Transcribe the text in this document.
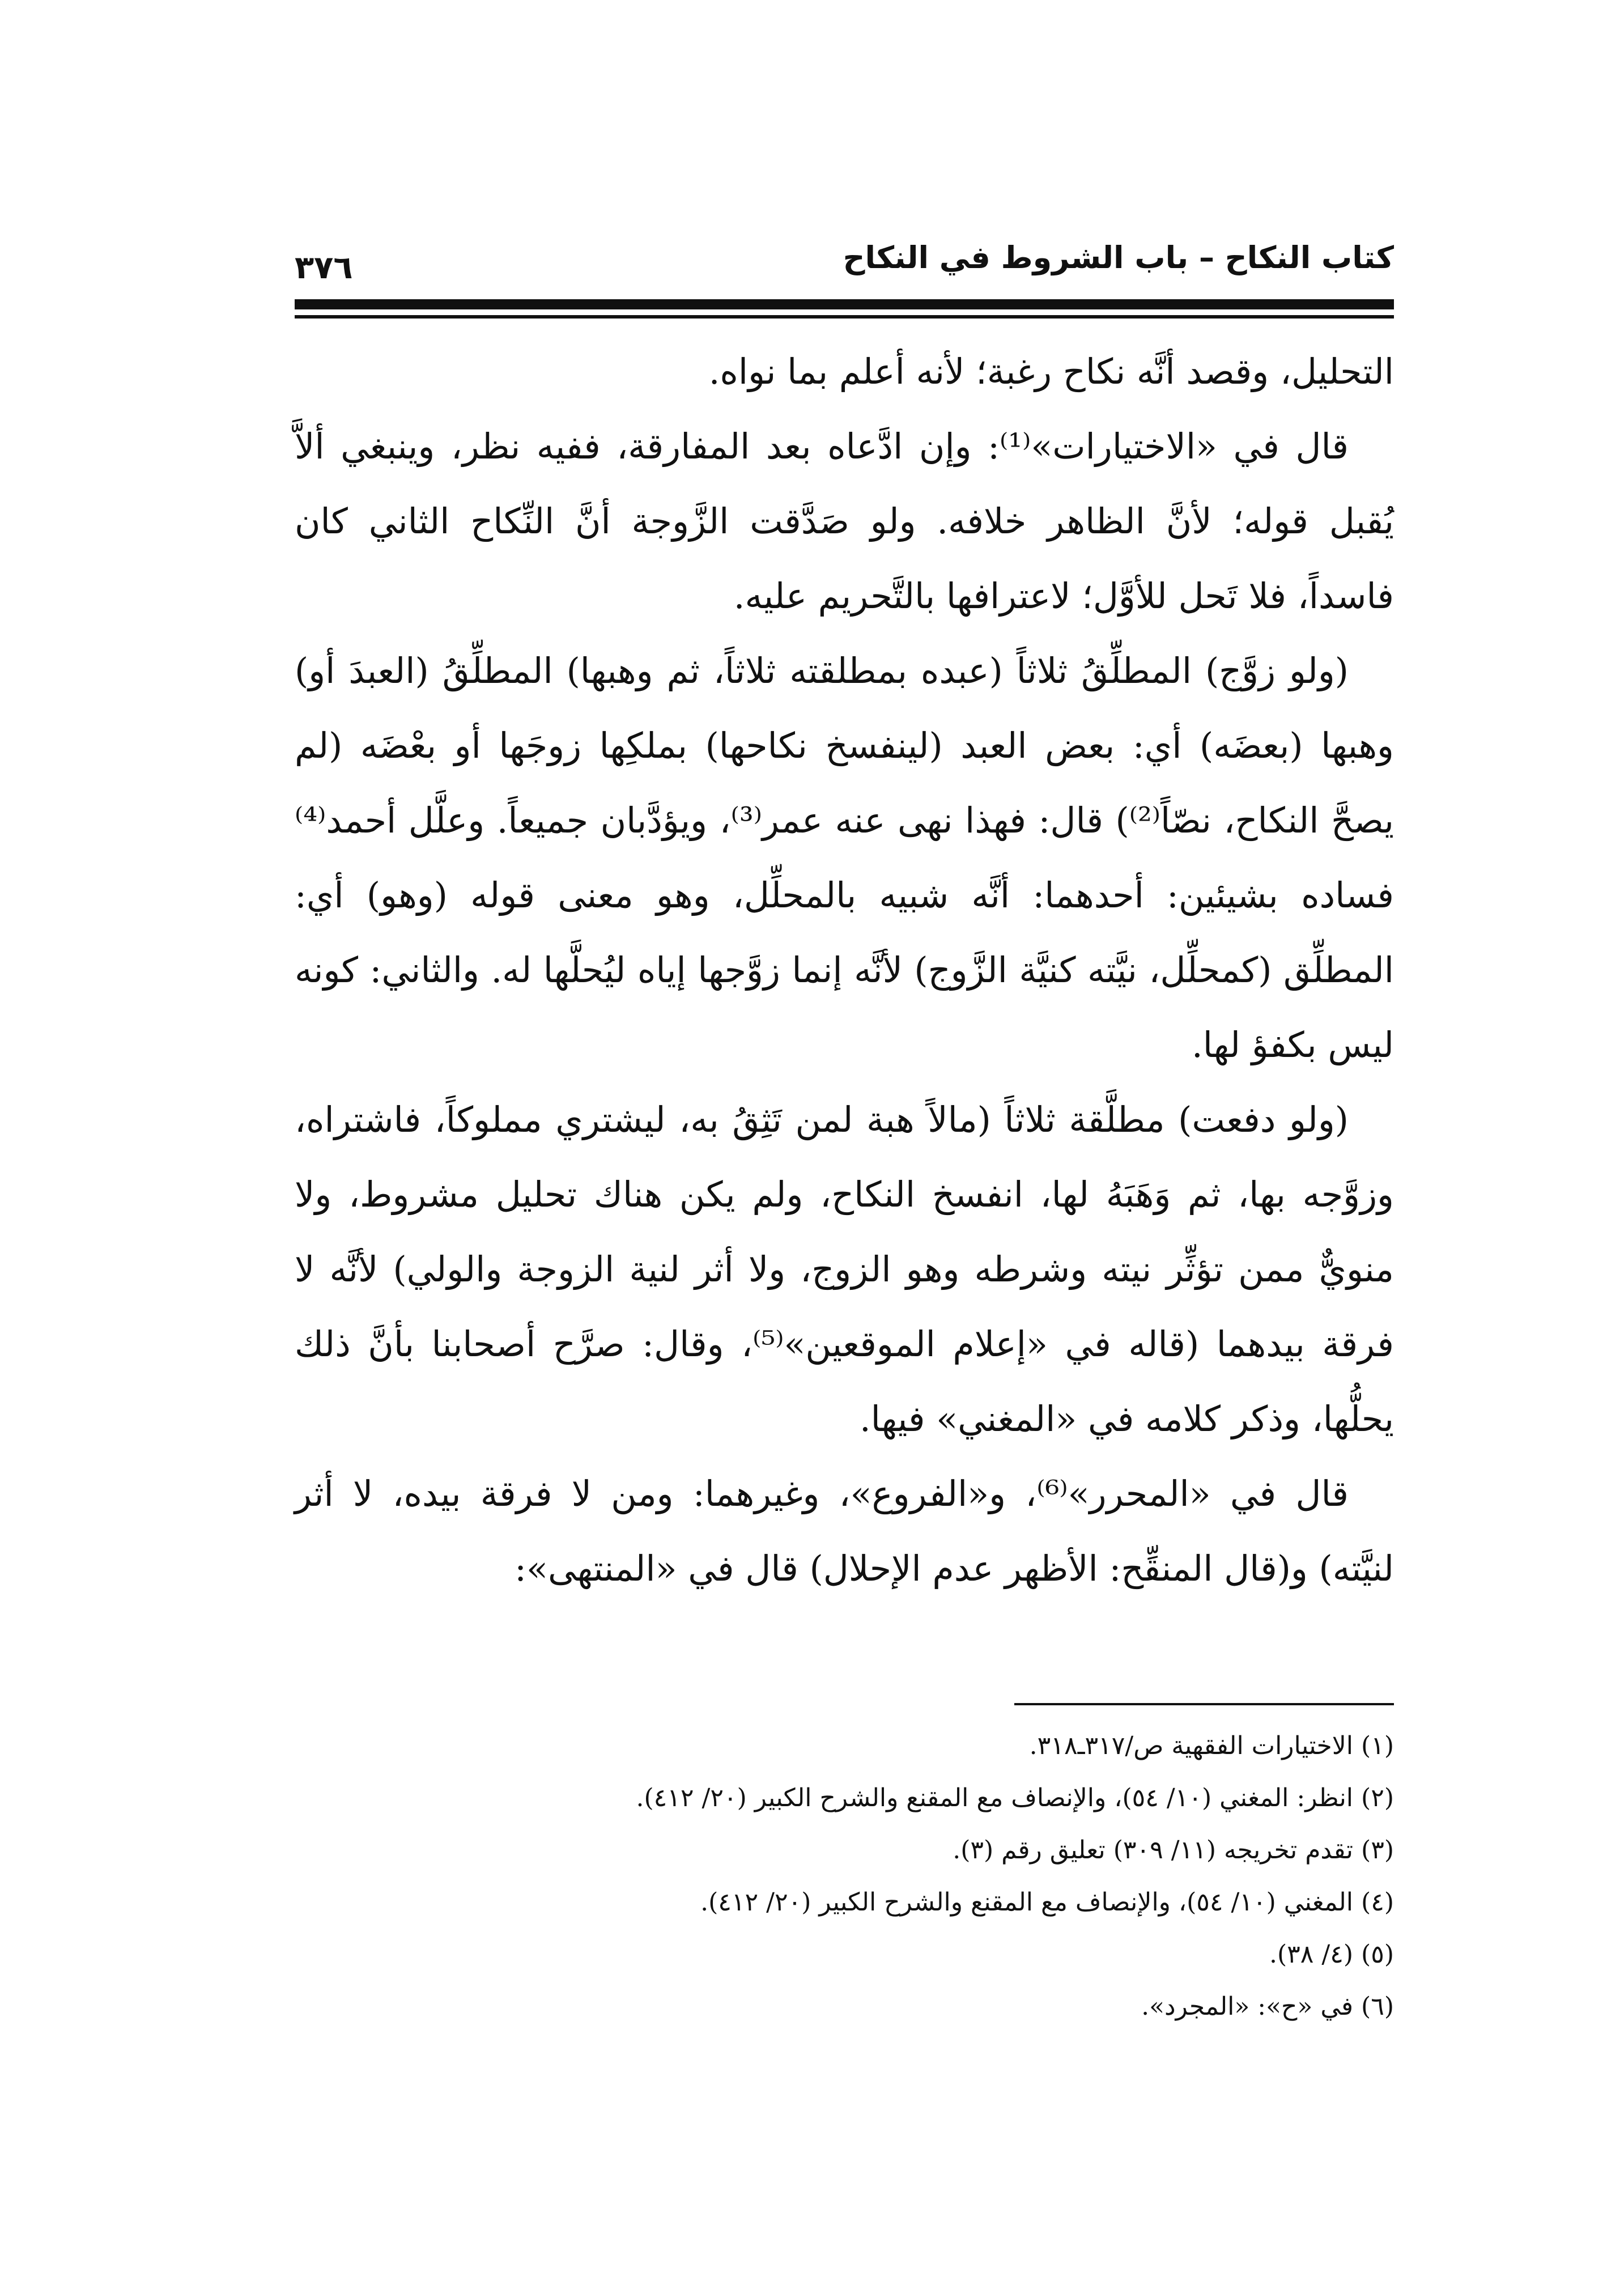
كتاب النكاح – باب الشروط في النكاح
٣٧٦

التحليل، وقصد أنَّه نكاح رغبة؛ لأنه أعلم بما نواه.

قال في «الاختيارات»⁽¹⁾: وإن ادَّعاه بعد المفارقة، ففيه نظر، وينبغي ألاَّ يُقبل قوله؛ لأنَّ الظاهر خلافه. ولو صَدَّقت الزَّوجة أنَّ النِّكاح الثاني كان فاسداً، فلا تَحل للأوَّل؛ لاعترافها بالتَّحريم عليه.

(ولو زوَّج) المطلِّقُ ثلاثاً (عبده بمطلقته ثلاثاً، ثم وهبها) المطلِّقُ (العبدَ أو) وهبها (بعضَه) أي: بعض العبد (لينفسخ نكاحها) بملكِها زوجَها أو بعْضَه (لم يصحَّ النكاح، نصّاً⁽²⁾) قال: فهذا نهى عنه عمر⁽³⁾، ويؤدَّبان جميعاً. وعلَّل أحمد⁽⁴⁾ فساده بشيئين: أحدهما: أنَّه شبيه بالمحلِّل، وهو معنى قوله (وهو) أي: المطلِّق (كمحلِّل، نيَّته كنيَّة الزَّوج) لأنَّه إنما زوَّجها إياه ليُحلَّها له. والثاني: كونه ليس بكفؤ لها.

(ولو دفعت) مطلَّقة ثلاثاً (مالاً هبة لمن تَثِقُ به، ليشتري مملوكاً، فاشتراه، وزوَّجه بها، ثم وَهَبَهُ لها، انفسخ النكاح، ولم يكن هناك تحليل مشروط، ولا منويٌّ ممن تؤثِّر نيته وشرطه وهو الزوج، ولا أثر لنية الزوجة والولي) لأنَّه لا فرقة بيدهما (قاله في «إعلام الموقعين»⁽⁵⁾، وقال: صرَّح أصحابنا بأنَّ ذلك يحلُّها، وذكر كلامه في «المغني» فيها.

قال في «المحرر»⁽⁶⁾، و«الفروع»، وغيرهما: ومن لا فرقة بيده، لا أثر لنيَّته) و(قال المنقِّح: الأظهر عدم الإحلال) قال في «المنتهى»:

(١) الاختيارات الفقهية ص/٣١٧ـ٣١٨.

(٢) انظر: المغني (١٠/ ٥٤)، والإنصاف مع المقنع والشرح الكبير (٢٠/ ٤١٢).

(٣) تقدم تخريجه (١١/ ٣٠٩) تعليق رقم (٣).

(٤) المغني (١٠/ ٥٤)، والإنصاف مع المقنع والشرح الكبير (٢٠/ ٤١٢).

(٥) (٤/ ٣٨).

(٦) في «ح»: «المجرد».
